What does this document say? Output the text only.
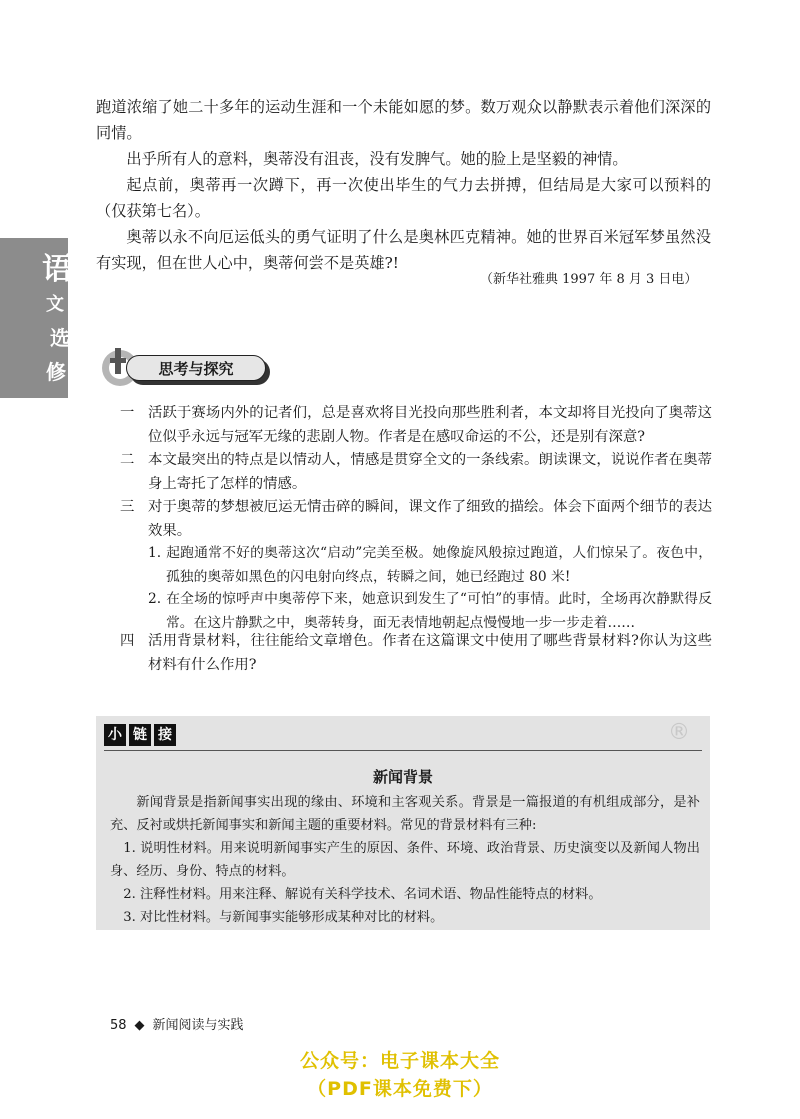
语
文
选
修

跑道浓缩了她二十多年的运动生涯和一个未能如愿的梦。数万观众以静默表示着他们深深的同情。

出乎所有人的意料，奥蒂没有沮丧，没有发脾气。她的脸上是坚毅的神情。

起点前，奥蒂再一次蹲下，再一次使出毕生的气力去拼搏，但结局是大家可以预料的（仅获第七名）。

奥蒂以永不向厄运低头的勇气证明了什么是奥林匹克精神。她的世界百米冠军梦虽然没有实现，但在世人心中，奥蒂何尝不是英雄?!

（新华社雅典 1997 年 8 月 3 日电）
思考与探究
一 活跃于赛场内外的记者们，总是喜欢将目光投向那些胜利者，本文却将目光投向了奥蒂这位似乎永远与冠军无缘的悲剧人物。作者是在感叹命运的不公，还是别有深意?
二 本文最突出的特点是以情动人，情感是贯穿全文的一条线索。朗读课文，说说作者在奥蒂身上寄托了怎样的情感。
三 对于奥蒂的梦想被厄运无情击碎的瞬间，课文作了细致的描绘。体会下面两个细节的表达效果。
1. 起跑通常不好的奥蒂这次“启动”完美至极。她像旋风般掠过跑道，人们惊呆了。夜色中，孤独的奥蒂如黑色的闪电射向终点，转瞬之间，她已经跑过 80 米!
2. 在全场的惊呼声中奥蒂停下来，她意识到发生了“可怕”的事情。此时，全场再次静默得反常。在这片静默之中，奥蒂转身，面无表情地朝起点慢慢地一步一步走着……
四 活用背景材料，往往能给文章增色。作者在这篇课文中使用了哪些背景材料?你认为这些材料有什么作用?
®
小 链 接
新闻背景
新闻背景是指新闻事实出现的缘由、环境和主客观关系。背景是一篇报道的有机组成部分，是补充、反衬或烘托新闻事实和新闻主题的重要材料。常见的背景材料有三种:
1. 说明性材料。用来说明新闻事实产生的原因、条件、环境、政治背景、历史演变以及新闻人物出身、经历、身份、特点的材料。
2. 注释性材料。用来注释、解说有关科学技术、名词术语、物品性能特点的材料。
3. 对比性材料。与新闻事实能够形成某种对比的材料。
58 ◆ 新闻阅读与实践
公众号：电子课本大全
（PDF课本免费下）
